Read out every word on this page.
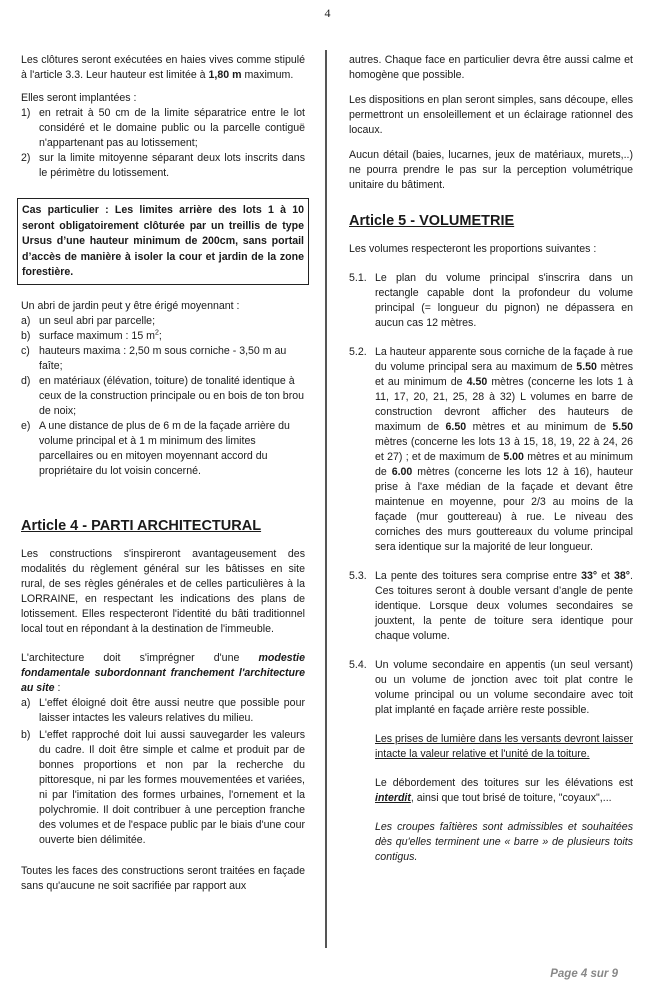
4

Les clôtures seront exécutées en haies vives comme stipulé à l'article 3.3. Leur hauteur est limitée à 1,80 m maximum.

Elles seront implantées :

1) en retrait à 50 cm de la limite séparatrice entre le lot considéré et le domaine public ou la parcelle contiguë n'appartenant pas au lotissement;
2) sur la limite mitoyenne séparant deux lots inscrits dans le périmètre du lotissement.
Cas particulier : Les limites arrière des lots 1 à 10 seront obligatoirement clôturée par un treillis de type Ursus d’une hauteur minimum de 200cm, sans portail d’accès de manière à isoler la cour et jardin de la zone forestière.

Un abri de jardin peut y être érigé moyennant :

a) un seul abri par parcelle;
b) surface maximum : 15 $m^2$;
c) hauteurs maxima : 2,50 m sous corniche - 3,50 m au faîte;
d) en matériaux (élévation, toiture) de tonalité identique à ceux de la construction principale ou en bois de ton brou de noix;
e) A une distance de plus de 6 m de la façade arrière du volume principal et à 1 m minimum des limites parcellaires ou en mitoyen moyennant accord du propriétaire du lot voisin concerné.
Article 4 - PARTI ARCHITECTURAL

Les constructions s'inspireront avantageusement des modalités du règlement général sur les bâtisses en site rural, de ses règles générales et de celles particulières à la LORRAINE, en respectant les indications des plans de lotissement. Elles respecteront l'identité du bâti traditionnel local tout en répondant à la destination de l'immeuble.

L'architecture doit s'imprégner d'une modestie fondamentale subordonnant franchement l'architecture au site :

a) L'effet éloigné doit être aussi neutre que possible pour laisser intactes les valeurs relatives du milieu.
b) L'effet rapproché doit lui aussi sauvegarder les valeurs du cadre. Il doit être simple et calme et produit par de bonnes proportions et non par la recherche du pittoresque, ni par les formes mouvementées et variées, ni par l'imitation des formes urbaines, l'ornement et la polychromie. Il doit contribuer à une perception franche des volumes et de l'espace public par le biais d'une cour ouverte bien délimitée.

Toutes les faces des constructions seront traitées en façade sans qu'aucune ne soit sacrifiée par rapport aux

autres. Chaque face en particulier devra être aussi calme et homogène que possible.

Les dispositions en plan seront simples, sans découpe, elles permettront un ensoleillement et un éclairage rationnel des locaux.

Aucun détail (baies, lucarnes, jeux de matériaux, murets,..) ne pourra prendre le pas sur la perception volumétrique unitaire du bâtiment.

Article 5 - VOLUMETRIE

Les volumes respecteront les proportions suivantes :

5.1. Le plan du volume principal s'inscrira dans un rectangle capable dont la profondeur du volume principal (= longueur du pignon) ne dépassera en aucun cas 12 mètres.
5.2. La hauteur apparente sous corniche de la façade à rue du volume principal sera au maximum de 5.50 mètres et au minimum de 4.50 mètres (concerne les lots 1 à 11, 17, 20, 21, 25, 28 à 32) L volumes en barre de construction devront afficher des hauteurs de maximum de 6.50 mètres et au minimum de 5.50 mètres (concerne les lots 13 à 15, 18, 19, 22 à 24, 26 et 27) ; et de maximum de 5.00 mètres et au minimum de 6.00 mètres (concerne les lots 12 à 16), hauteur prise à l'axe médian de la façade et devant être maintenue en moyenne, pour 2/3 au moins de la façade (mur gouttereau) à rue. Le niveau des corniches des murs gouttereaux du volume principal sera identique sur la majorité de leur longueur.
5.3. La pente des toitures sera comprise entre 33° et 38°. Ces toitures seront à double versant d’angle de pente identique. Lorsque deux volumes secondaires se jouxtent, la pente de toiture sera identique pour chaque volume.
5.4. Un volume secondaire en appentis (un seul versant) ou un volume de jonction avec toit plat contre le volume principal ou un volume secondaire avec toit plat implanté en façade arrière reste possible.

Les prises de lumière dans les versants devront laisser intacte la valeur relative et l'unité de la toiture.

Le débordement des toitures sur les élévations est interdit, ainsi que tout brisé de toiture, "coyaux",...

Les croupes faîtières sont admissibles et souhaitées dès qu'elles terminent une « barre » de plusieurs toits contigus.

Page 4 sur 9
